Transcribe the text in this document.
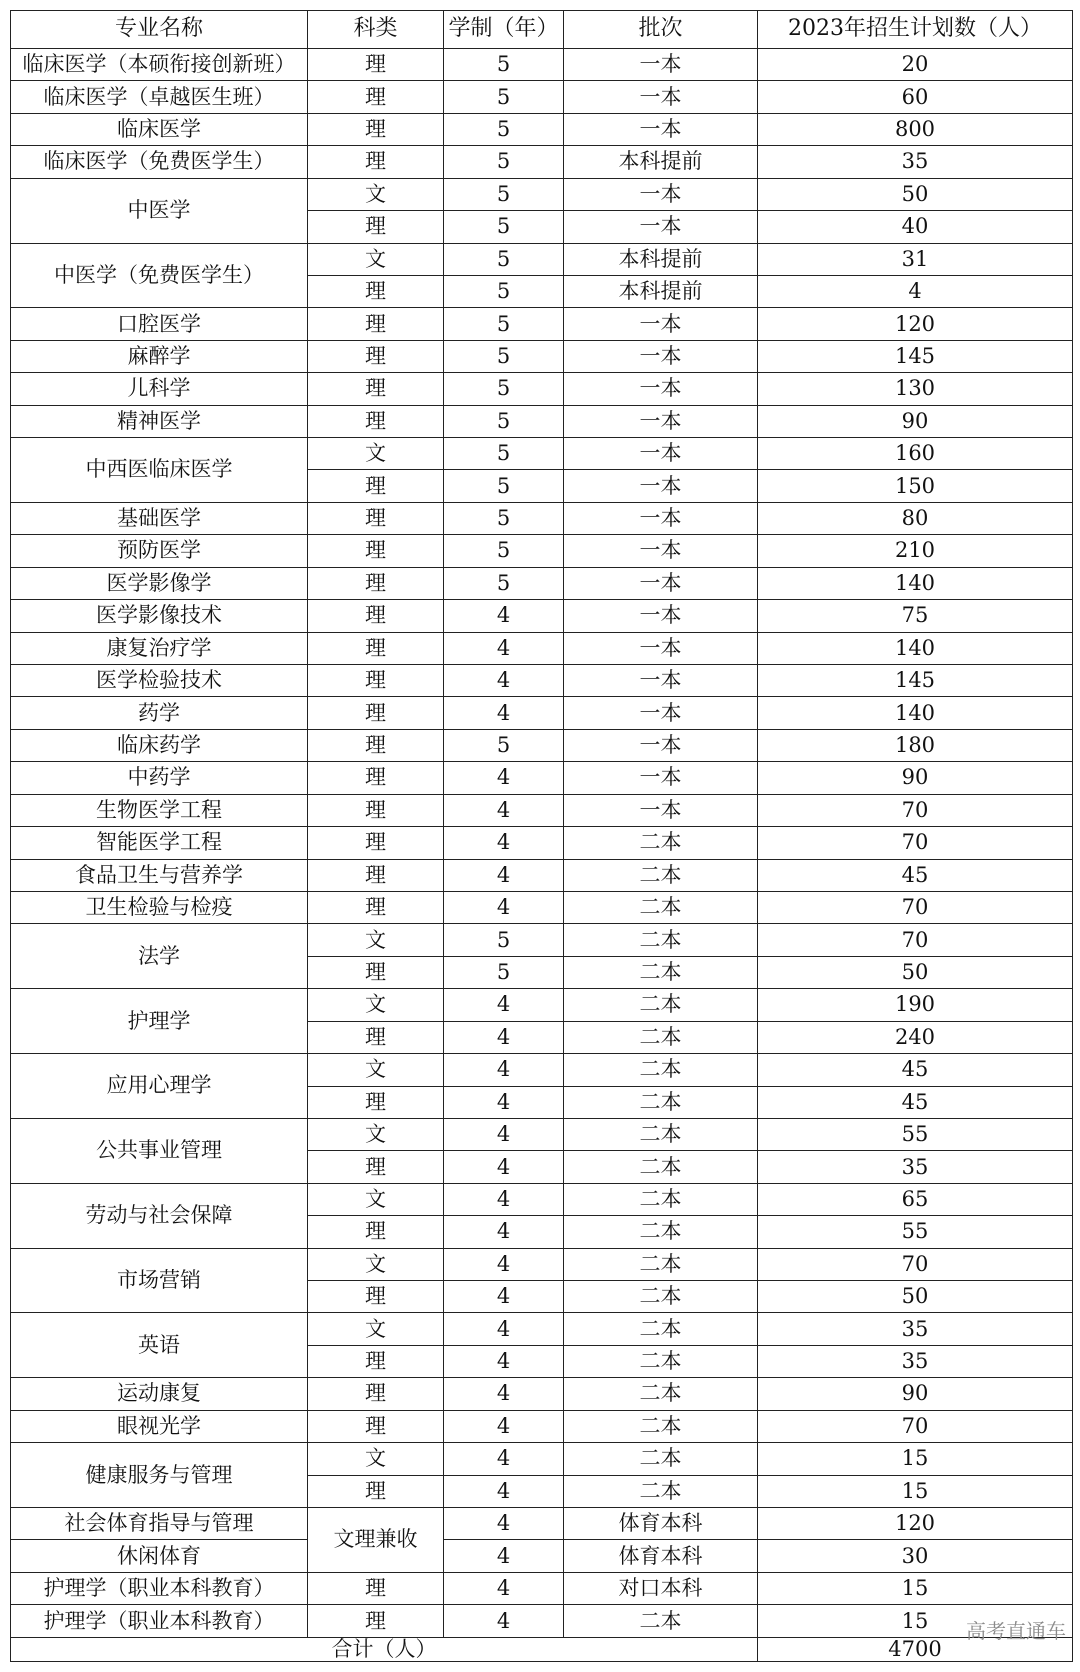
专业名称	科类	学制（年）	批次	2023年招生计划数（人）
临床医学（本硕衔接创新班）	理	5	一本	20
临床医学（卓越医生班）	理	5	一本	60
临床医学	理	5	一本	800
临床医学（免费医学生）	理	5	本科提前	35
中医学	文	5	一本	50
	理	5	一本	40
中医学（免费医学生）	文	5	本科提前	31
	理	5	本科提前	4
口腔医学	理	5	一本	120
麻醉学	理	5	一本	145
儿科学	理	5	一本	130
精神医学	理	5	一本	90
中西医临床医学	文	5	一本	160
	理	5	一本	150
基础医学	理	5	一本	80
预防医学	理	5	一本	210
医学影像学	理	5	一本	140
医学影像技术	理	4	一本	75
康复治疗学	理	4	一本	140
医学检验技术	理	4	一本	145
药学	理	4	一本	140
临床药学	理	5	一本	180
中药学	理	4	一本	90
生物医学工程	理	4	一本	70
智能医学工程	理	4	二本	70
食品卫生与营养学	理	4	二本	45
卫生检验与检疫	理	4	二本	70
法学	文	5	二本	70
	理	5	二本	50
护理学	文	4	二本	190
	理	4	二本	240
应用心理学	文	4	二本	45
	理	4	二本	45
公共事业管理	文	4	二本	55
	理	4	二本	35
劳动与社会保障	文	4	二本	65
	理	4	二本	55
市场营销	文	4	二本	70
	理	4	二本	50
英语	文	4	二本	35
	理	4	二本	35
运动康复	理	4	二本	90
眼视光学	理	4	二本	70
健康服务与管理	文	4	二本	15
	理	4	二本	15
社会体育指导与管理	文理兼收	4	体育本科	120
休闲体育		4	体育本科	30
护理学（职业本科教育）	理	4	对口本科	15
护理学（职业本科教育）	理	4	二本	15
合计（人）				4700
高考直通车
